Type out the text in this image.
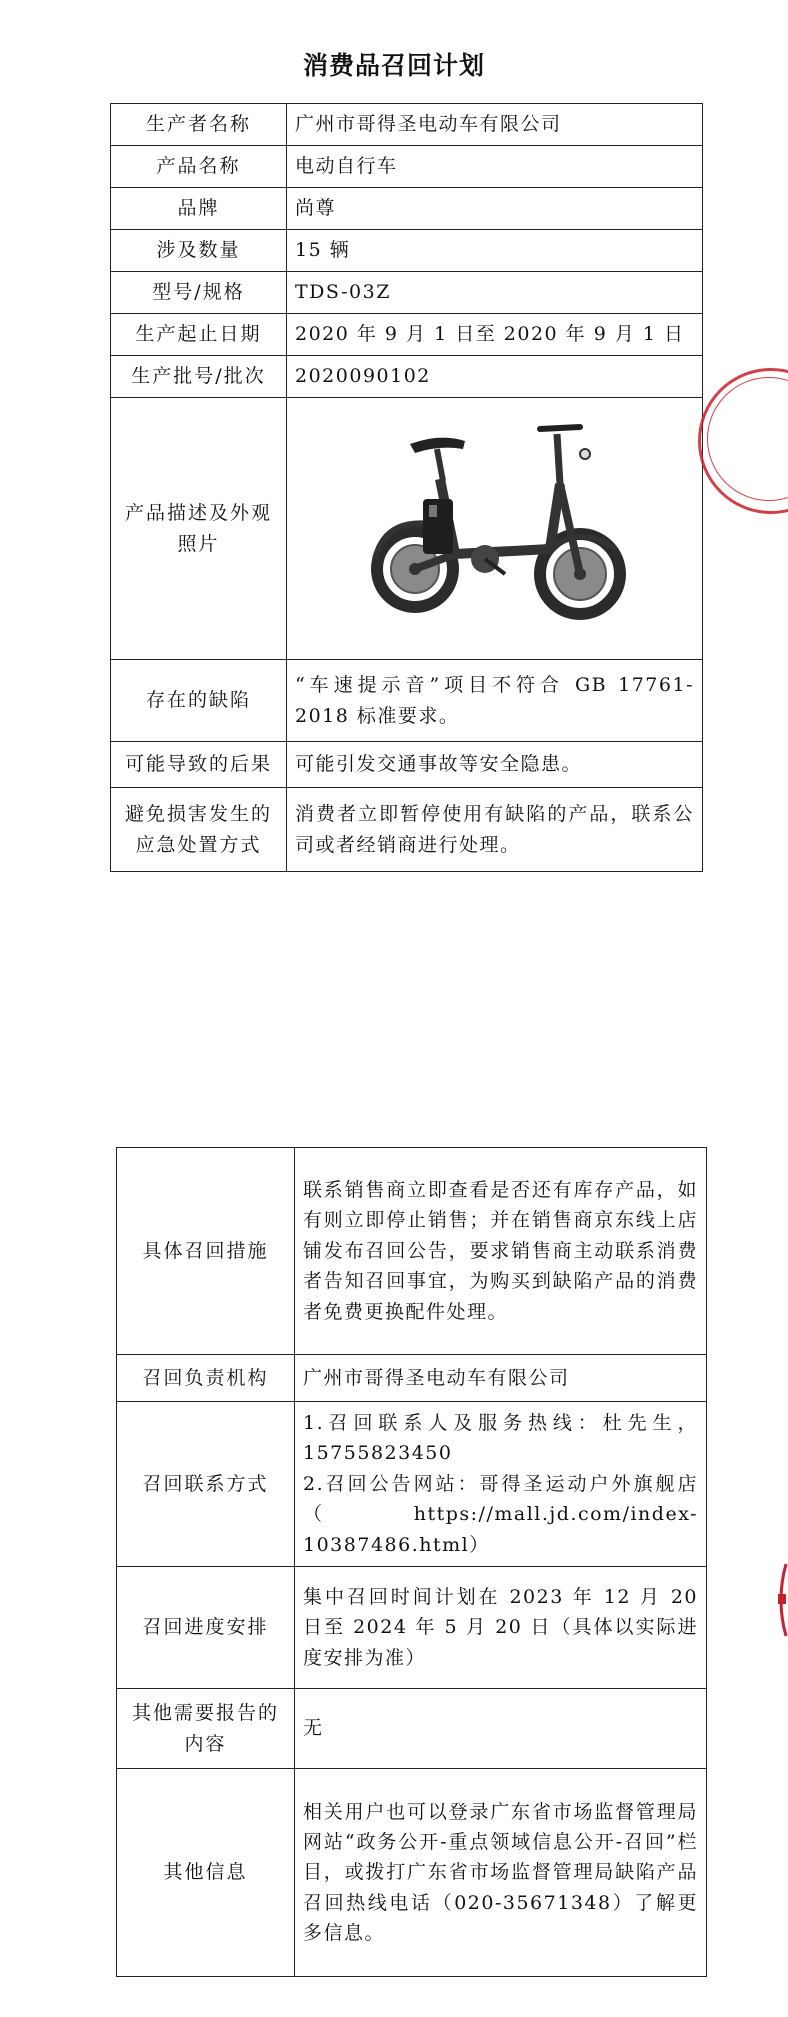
消费品召回计划
生产者名称	广州市哥得圣电动车有限公司
产品名称	电动自行车
品牌	尚尊
涉及数量	15 辆
型号/规格	TDS-03Z
生产起止日期	2020 年 9 月 1 日至 2020 年 9 月 1 日
生产批号/批次	2020090102
产品描述及外观照片	
存在的缺陷	“车速提示音”项目不符合 GB 17761-2018 标准要求。
可能导致的后果	可能引发交通事故等安全隐患。
避免损害发生的应急处置方式	消费者立即暂停使用有缺陷的产品，联系公司或者经销商进行处理。
具体召回措施	联系销售商立即查看是否还有库存产品，如有则立即停止销售；并在销售商京东线上店铺发布召回公告，要求销售商主动联系消费者告知召回事宜，为购买到缺陷产品的消费者免费更换配件处理。
召回负责机构	广州市哥得圣电动车有限公司
召回联系方式	1.召回联系人及服务热线：杜先生，15755823450
2.召回公告网站：哥得圣运动户外旗舰店（https://mall.jd.com/index-10387486.html）

召回进度安排	集中召回时间计划在 2023 年 12 月 20 日至 2024 年 5 月 20 日（具体以实际进度安排为准）
其他需要报告的内容	无
其他信息	相关用户也可以登录广东省市场监督管理局网站“政务公开-重点领域信息公开-召回”栏目，或拨打广东省市场监督管理局缺陷产品召回热线电话（020-35671348）了解更多信息。
